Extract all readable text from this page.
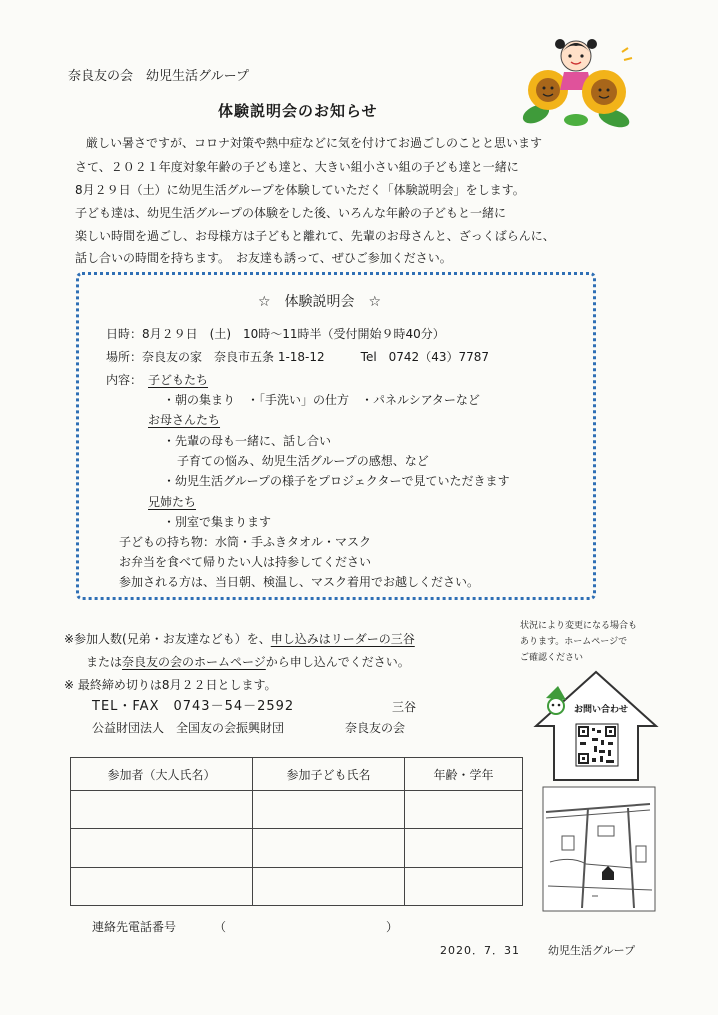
奈良友の会　幼児生活グループ
体験説明会のお知らせ
厳しい暑さですが、コロナ対策や熱中症などに気を付けてお過ごしのことと思います
さて、２０２１年度対象年齢の子ども達と、大きい組小さい組の子ども達と一緒に
8月２９日（土）に幼児生活グループを体験していただく「体験説明会」をします。
子ども達は、幼児生活グループの体験をした後、いろんな年齢の子どもと一緒に
楽しい時間を過ごし、お母様方は子どもと離れて、先輩のお母さんと、ざっくばらんに、
話し合いの時間を持ちます。　お友達も誘って、ぜひご参加ください。
☆　体験説明会　☆
日時：8月２９日　(土)　10時～11時半（受付開始９時40分）
場所：奈良友の家　奈良市五条 1-18-12　　　Tel　0742（43）7787
内容： 子どもたち
・朝の集まり　・「手洗い」の仕方　・パネルシアターなど
お母さんたち
・先輩の母も一緒に、話し合い
子育ての悩み、幼児生活グループの感想、など
・幼児生活グループの様子をプロジェクターで見ていただきます
兄姉たち
・別室で集まります
子どもの持ち物：水筒・手ふきタオル・マスク
お弁当を食べて帰りたい人は持参してください
参加される方は、当日朝、検温し、マスク着用でお越しください。
※参加人数(兄弟・お友達なども）を、申し込みはリーダーの三谷
または奈良友の会のホームページから申し込んでください。
※ 最終締め切りは8月２２日とします。
TEL・FAX　0743－54－2592	三谷
公益財団法人　全国友の会振興財団	奈良友の会
状況により変更になる場合も
あります。ホームページで
ご確認ください
お問い合わせ
参加者（大人氏名）	参加子ども氏名	年齢・学年

連絡先電話番号	（	）
2020．7．31	幼児生活グループ
